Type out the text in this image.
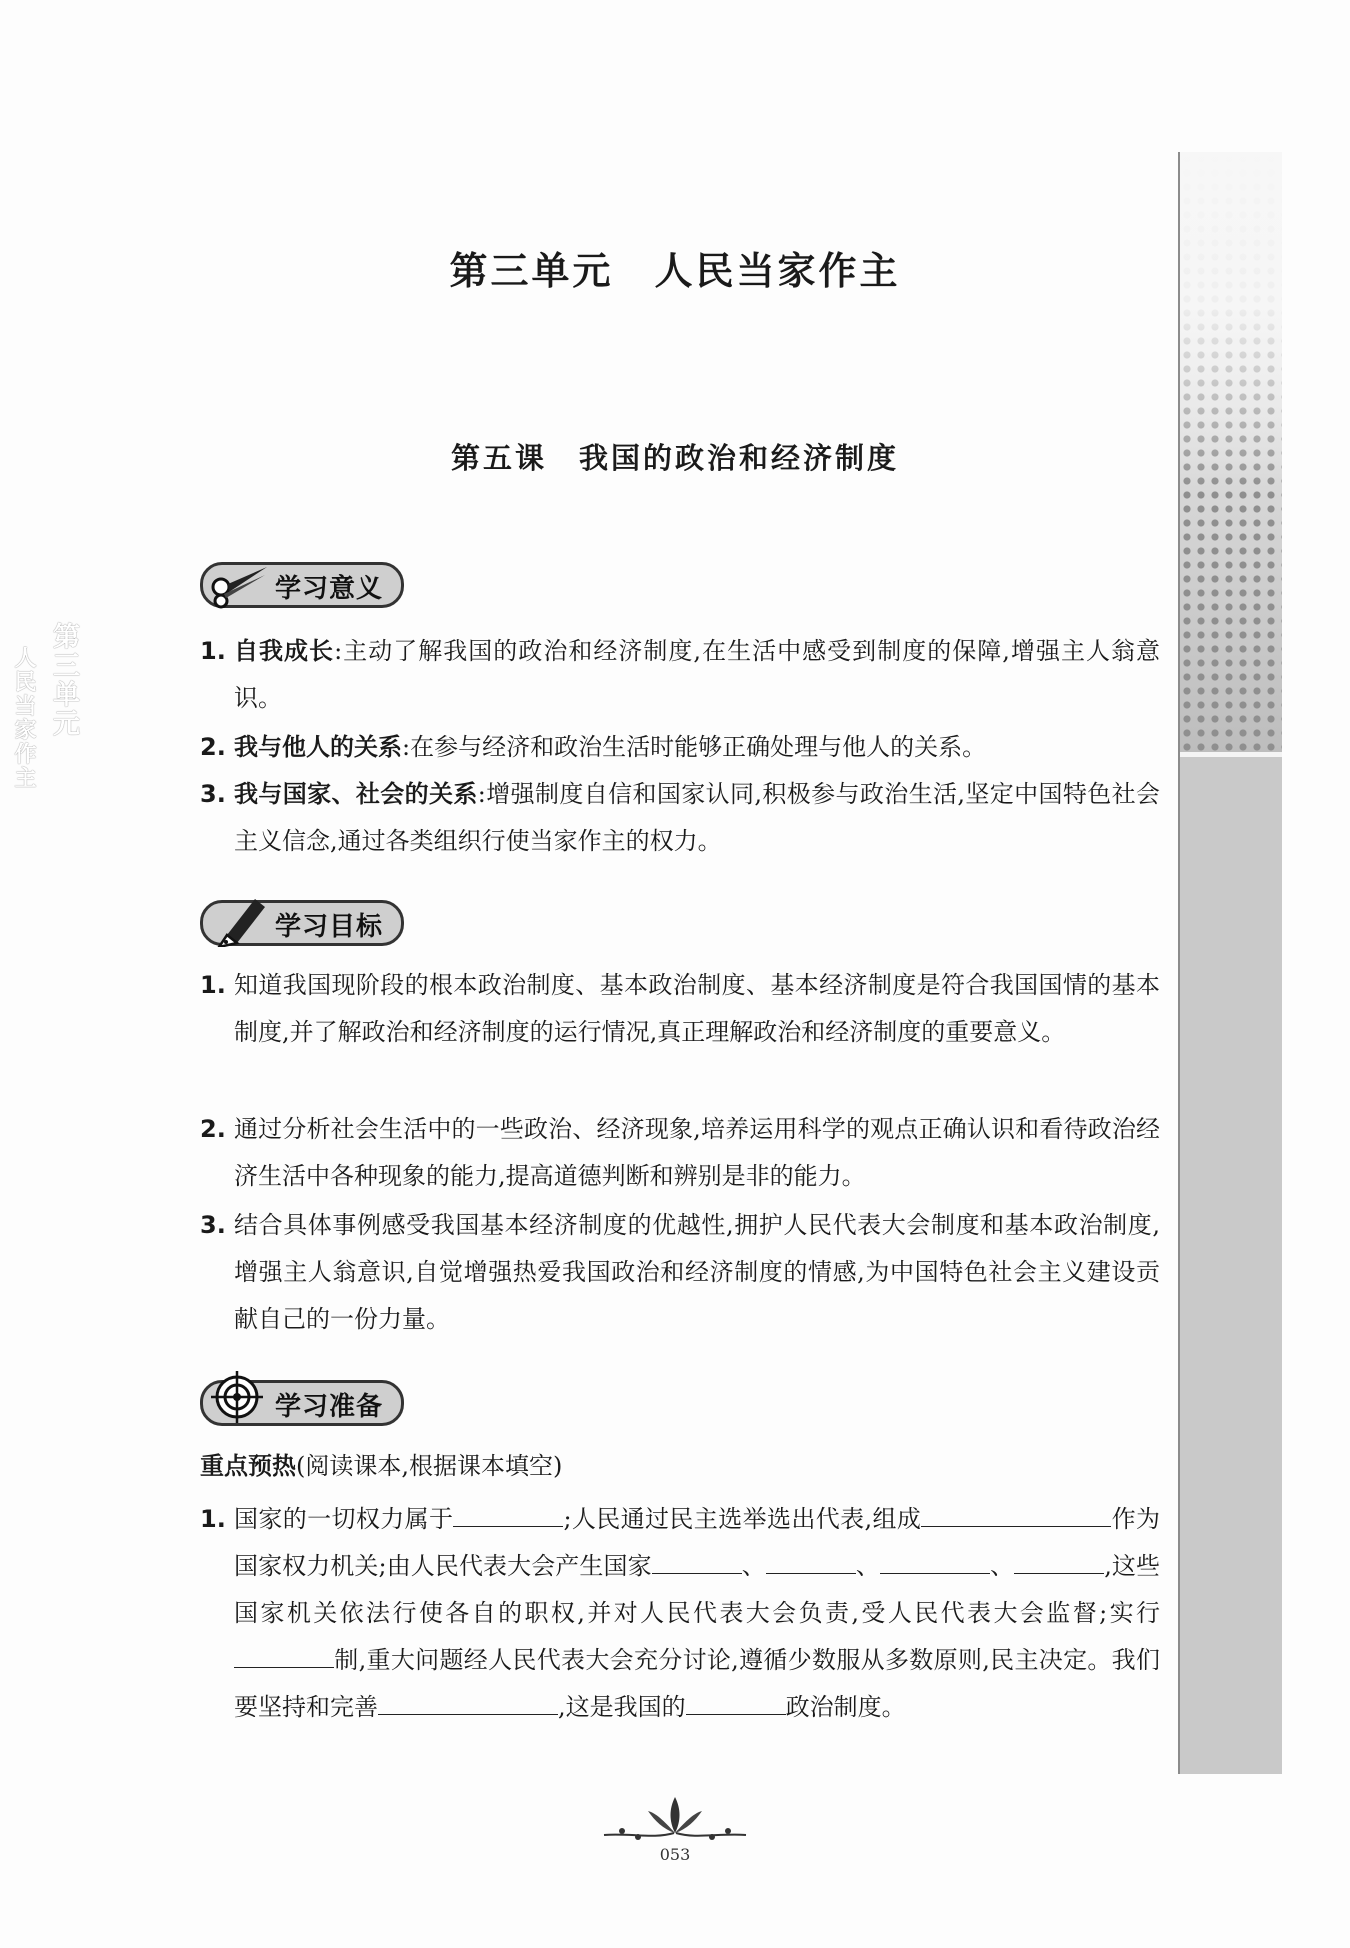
第三单元
人民当家作主
第三单元　人民当家作主
第五课　我国的政治和经济制度
学习意义
1. 自我成长:主动了解我国的政治和经济制度,在生活中感受到制度的保障,增强主人翁意识。
2. 我与他人的关系:在参与经济和政治生活时能够正确处理与他人的关系。
3. 我与国家、社会的关系:增强制度自信和国家认同,积极参与政治生活,坚定中国特色社会主义信念,通过各类组织行使当家作主的权力。
学习目标
1. 知道我国现阶段的根本政治制度、基本政治制度、基本经济制度是符合我国国情的基本制度,并了解政治和经济制度的运行情况,真正理解政治和经济制度的重要意义。
2. 通过分析社会生活中的一些政治、经济现象,培养运用科学的观点正确认识和看待政治经济生活中各种现象的能力,提高道德判断和辨别是非的能力。
3. 结合具体事例感受我国基本经济制度的优越性,拥护人民代表大会制度和基本政治制度,增强主人翁意识,自觉增强热爱我国政治和经济制度的情感,为中国特色社会主义建设贡献自己的一份力量。
学习准备
重点预热(阅读课本,根据课本填空)
1. 国家的一切权力属于	;人民通过民主选举选出代表,组成	作为国家权力机关;由人民代表大会产生国家	、	、	、	,这些国家机关依法行使各自的职权,并对人民代表大会负责,受人民代表大会监督;实行制,重大问题经人民代表大会充分讨论,遵循少数服从多数原则,民主决定。我们要坚持和完善	,这是我国的	政治制度。
053
